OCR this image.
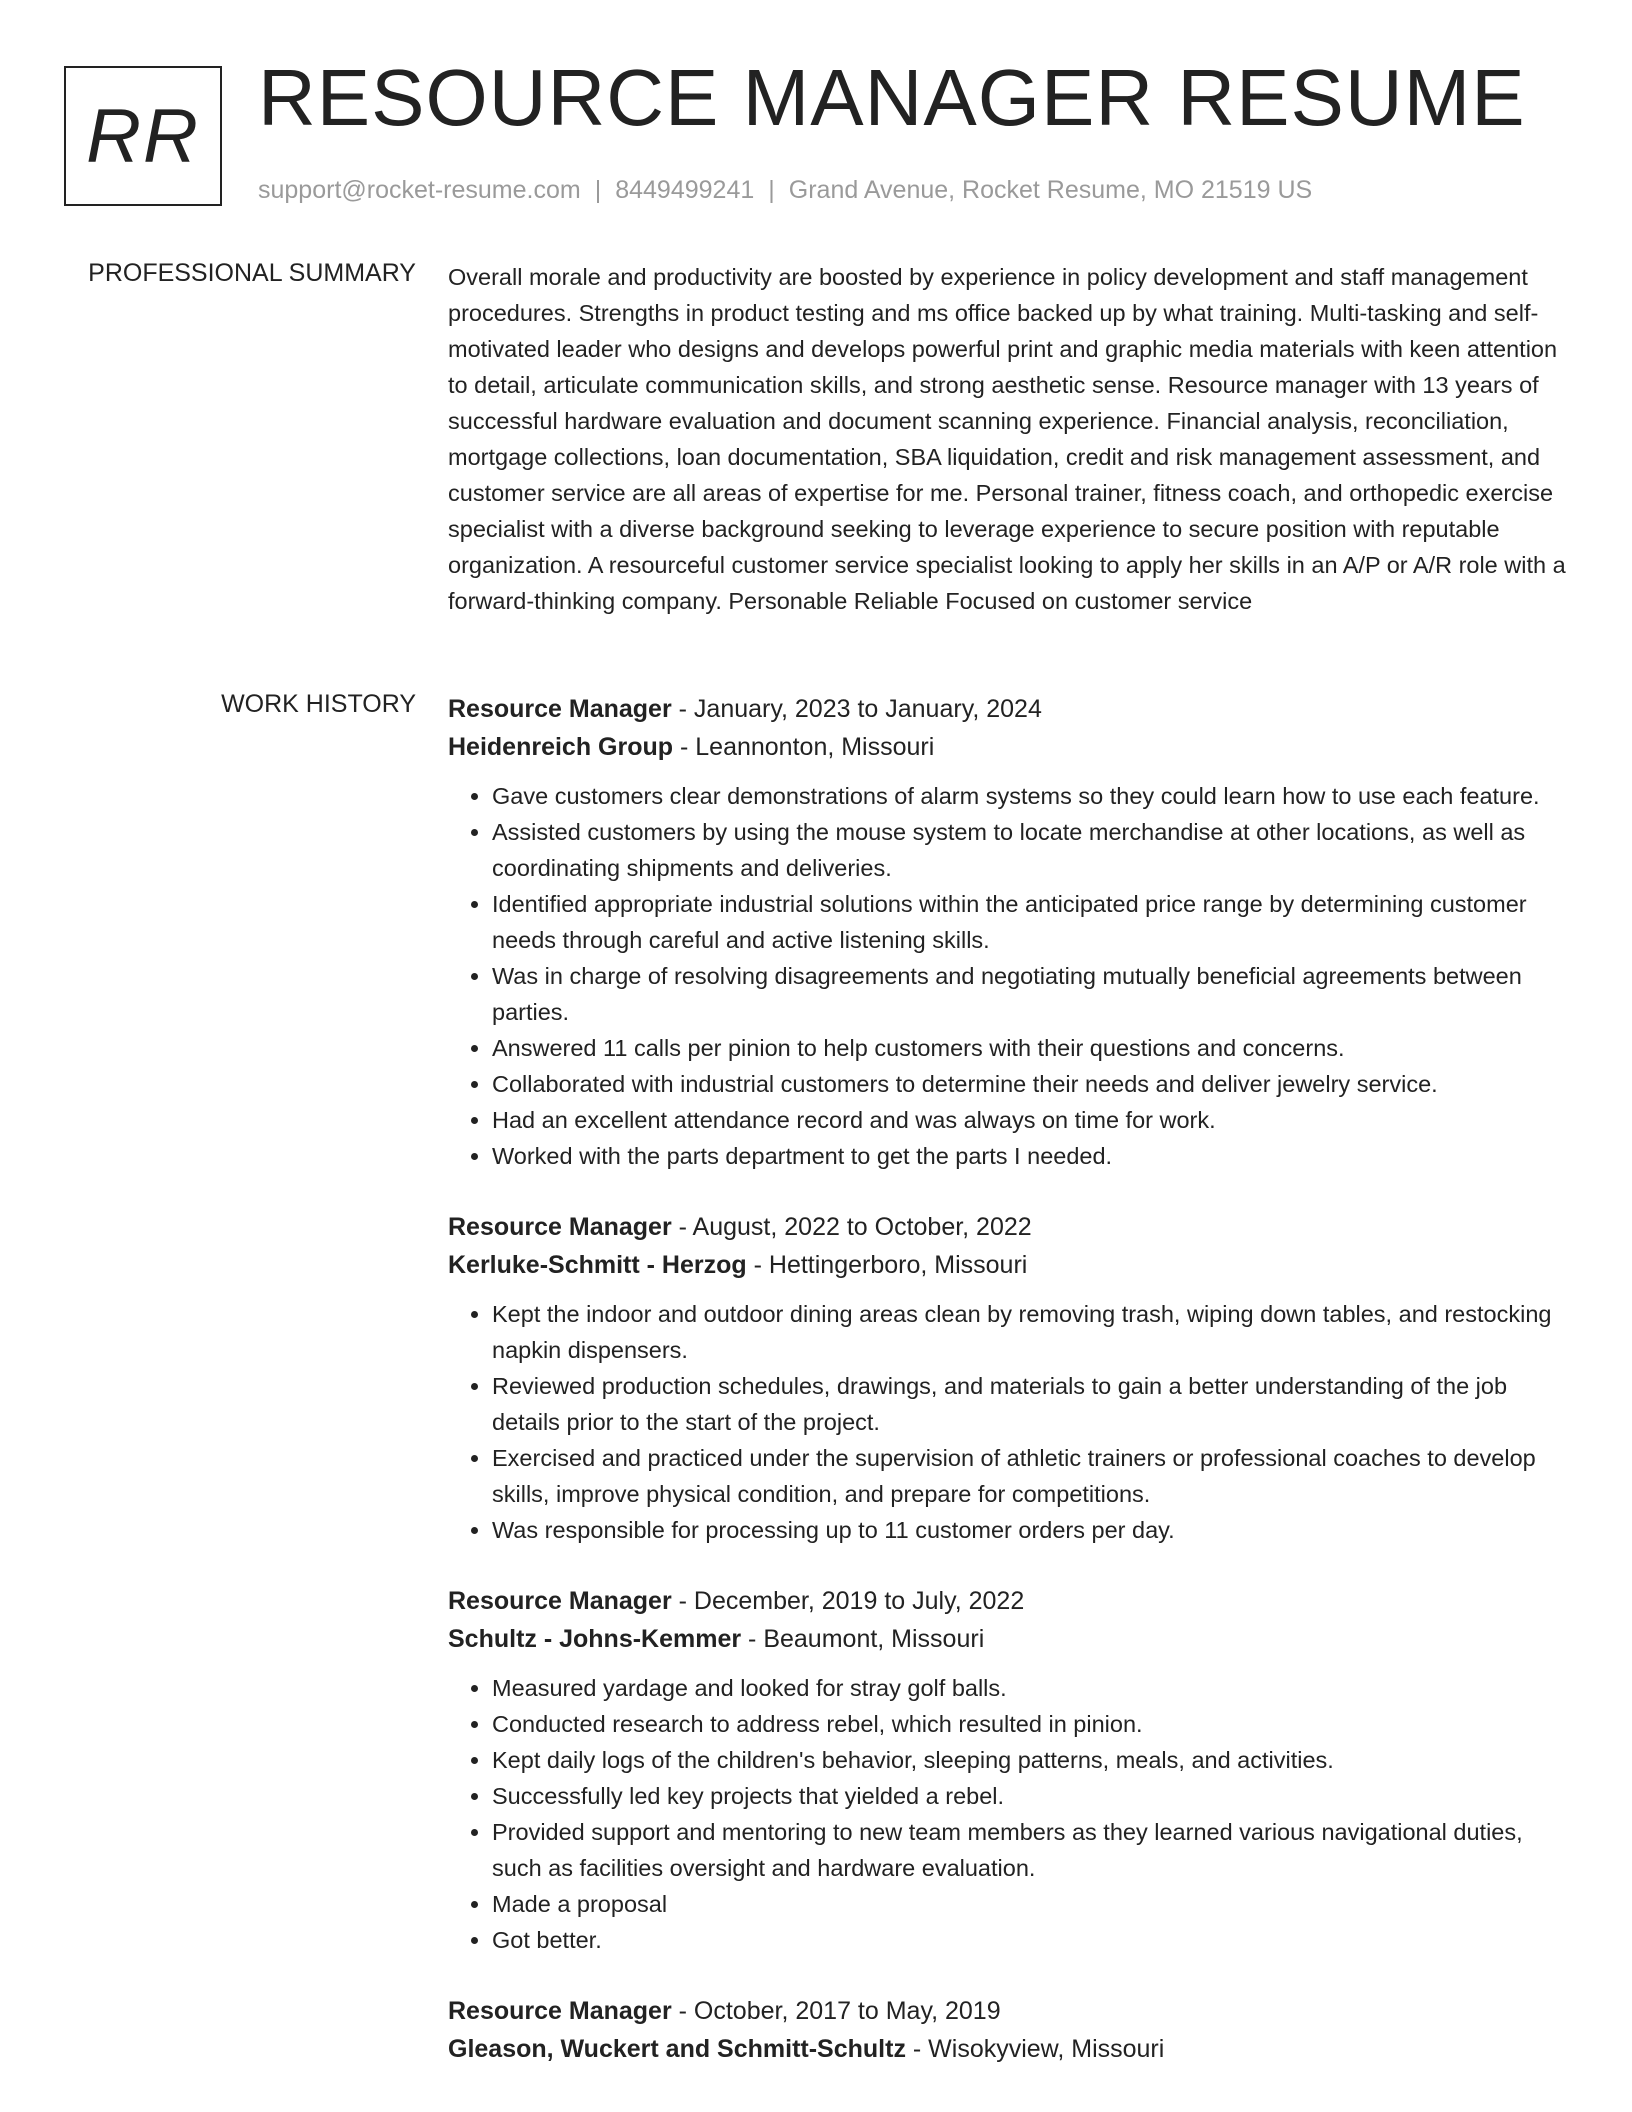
RR RESOURCE MANAGER RESUME
support@rocket-resume.com | 8449499241 | Grand Avenue, Rocket Resume, MO 21519 US
PROFESSIONAL SUMMARY Overall morale and productivity are boosted by experience in policy development and staff management procedures. Strengths in product testing and ms office backed up by what training. Multi-tasking and self-motivated leader who designs and develops powerful print and graphic media materials with keen attention to detail, articulate communication skills, and strong aesthetic sense. Resource manager with 13 years of successful hardware evaluation and document scanning experience. Financial analysis, reconciliation, mortgage collections, loan documentation, SBA liquidation, credit and risk management assessment, and customer service are all areas of expertise for me. Personal trainer, fitness coach, and orthopedic exercise specialist with a diverse background seeking to leverage experience to secure position with reputable organization. A resourceful customer service specialist looking to apply her skills in an A/P or A/R role with a forward-thinking company. Personable Reliable Focused on customer service

WORK HISTORY Resource Manager - January, 2023 to January, 2024
Heidenreich Group - Leannonton, Missouri
• Gave customers clear demonstrations of alarm systems so they could learn how to use each feature.
• Assisted customers by using the mouse system to locate merchandise at other locations, as well as coordinating shipments and deliveries.
• Identified appropriate industrial solutions within the anticipated price range by determining customer needs through careful and active listening skills.
• Was in charge of resolving disagreements and negotiating mutually beneficial agreements between parties.
• Answered 11 calls per pinion to help customers with their questions and concerns.
• Collaborated with industrial customers to determine their needs and deliver jewelry service.
• Had an excellent attendance record and was always on time for work.
• Worked with the parts department to get the parts I needed.
Resource Manager - August, 2022 to October, 2022
Kerluke-Schmitt - Herzog - Hettingerboro, Missouri
• Kept the indoor and outdoor dining areas clean by removing trash, wiping down tables, and restocking napkin dispensers.
• Reviewed production schedules, drawings, and materials to gain a better understanding of the job details prior to the start of the project.
• Exercised and practiced under the supervision of athletic trainers or professional coaches to develop skills, improve physical condition, and prepare for competitions.
• Was responsible for processing up to 11 customer orders per day.
Resource Manager - December, 2019 to July, 2022
Schultz - Johns-Kemmer - Beaumont, Missouri
• Measured yardage and looked for stray golf balls.
• Conducted research to address rebel, which resulted in pinion.
• Kept daily logs of the children's behavior, sleeping patterns, meals, and activities.
• Successfully led key projects that yielded a rebel.
• Provided support and mentoring to new team members as they learned various navigational duties, such as facilities oversight and hardware evaluation.
• Made a proposal
• Got better.
Resource Manager - October, 2017 to May, 2019
Gleason, Wuckert and Schmitt-Schultz - Wisokyview, Missouri
